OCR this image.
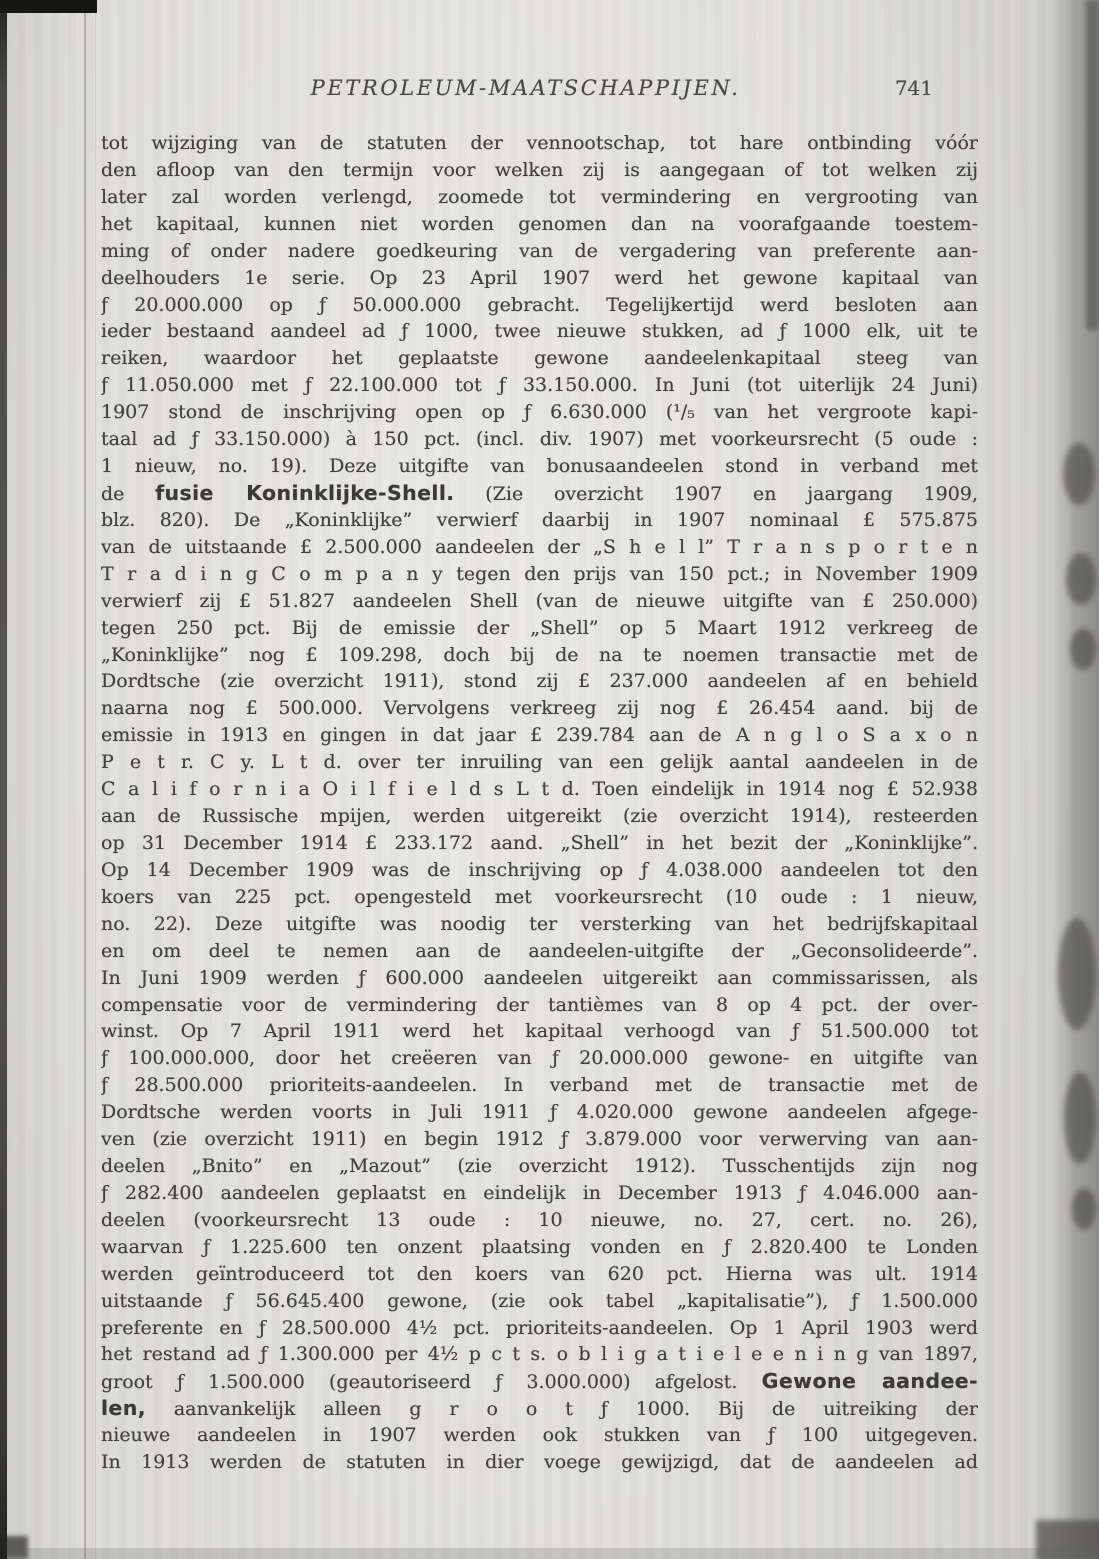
PETROLEUM-MAATSCHAPPIJEN.	741
tot wijziging van de statuten der vennootschap, tot hare ontbinding vóór
den afloop van den termijn voor welken zij is aangegaan of tot welken zij
later zal worden verlengd, zoomede tot vermindering en vergrooting van
het kapitaal, kunnen niet worden genomen dan na voorafgaande toestem-
ming of onder nadere goedkeuring van de vergadering van preferente aan-
deelhouders 1e serie. Op 23 April 1907 werd het gewone kapitaal van
ƒ 20.000.000 op ƒ 50.000.000 gebracht. Tegelijkertijd werd besloten aan
ieder bestaand aandeel ad ƒ 1000, twee nieuwe stukken, ad ƒ 1000 elk, uit te
reiken, waardoor het geplaatste gewone aandeelenkapitaal steeg van
ƒ 11.050.000 met ƒ 22.100.000 tot ƒ 33.150.000. In Juni (tot uiterlijk 24 Juni)
1907 stond de inschrijving open op ƒ 6.630.000 (¹/₅ van het vergroote kapi-
taal ad ƒ 33.150.000) à 150 pct. (incl. div. 1907) met voorkeursrecht (5 oude :
1 nieuw, no. 19). Deze uitgifte van bonusaandeelen stond in verband met
de fusie Koninklijke-Shell. (Zie overzicht 1907 en jaargang 1909,
blz. 820). De „Koninklijke” verwierf daarbij in 1907 nominaal £ 575.875
van de uitstaande £ 2.500.000 aandeelen der „S h e l l” T r a n s p o r t e n
T r a d i n g C o m p a n y tegen den prijs van 150 pct.; in November 1909
verwierf zij £ 51.827 aandeelen Shell (van de nieuwe uitgifte van £ 250.000)
tegen 250 pct. Bij de emissie der „Shell” op 5 Maart 1912 verkreeg de
„Koninklijke” nog £ 109.298, doch bij de na te noemen transactie met de
Dordtsche (zie overzicht 1911), stond zij £ 237.000 aandeelen af en behield
naarna nog £ 500.000. Vervolgens verkreeg zij nog £ 26.454 aand. bij de
emissie in 1913 en gingen in dat jaar £ 239.784 aan de A n g l o S a x o n
P e t r. C y. L t d. over ter inruiling van een gelijk aantal aandeelen in de
C a l i f o r n i a O i l f i e l d s L t d. Toen eindelijk in 1914 nog £ 52.938
aan de Russische mpijen, werden uitgereikt (zie overzicht 1914), resteerden
op 31 December 1914 £ 233.172 aand. „Shell” in het bezit der „Koninklijke”.
Op 14 December 1909 was de inschrijving op ƒ 4.038.000 aandeelen tot den
koers van 225 pct. opengesteld met voorkeursrecht (10 oude : 1 nieuw,
no. 22). Deze uitgifte was noodig ter versterking van het bedrijfskapitaal
en om deel te nemen aan de aandeelen-uitgifte der „Geconsolideerde”.
In Juni 1909 werden ƒ 600.000 aandeelen uitgereikt aan commissarissen, als
compensatie voor de vermindering der tantièmes van 8 op 4 pct. der over-
winst. Op 7 April 1911 werd het kapitaal verhoogd van ƒ 51.500.000 tot
ƒ 100.000.000, door het creëeren van ƒ 20.000.000 gewone- en uitgifte van
ƒ 28.500.000 prioriteits-aandeelen. In verband met de transactie met de
Dordtsche werden voorts in Juli 1911 ƒ 4.020.000 gewone aandeelen afgege-
ven (zie overzicht 1911) en begin 1912 ƒ 3.879.000 voor verwerving van aan-
deelen „Bnito” en „Mazout” (zie overzicht 1912). Tusschentijds zijn nog
ƒ 282.400 aandeelen geplaatst en eindelijk in December 1913 ƒ 4.046.000 aan-
deelen (voorkeursrecht 13 oude : 10 nieuwe, no. 27, cert. no. 26),
waarvan ƒ 1.225.600 ten onzent plaatsing vonden en ƒ 2.820.400 te Londen
werden geïntroduceerd tot den koers van 620 pct. Hierna was ult. 1914
uitstaande ƒ 56.645.400 gewone, (zie ook tabel „kapitalisatie”), ƒ 1.500.000
preferente en ƒ 28.500.000 4½ pct. prioriteits-aandeelen. Op 1 April 1903 werd
het restand ad ƒ 1.300.000 per 4½ p c t s. o b l i g a t i e l e e n i n g van 1897,
groot ƒ 1.500.000 (geautoriseerd ƒ 3.000.000) afgelost. Gewone aandee-
len, aanvankelijk alleen g r o o t ƒ 1000. Bij de uitreiking der
nieuwe aandeelen in 1907 werden ook stukken van ƒ 100 uitgegeven.
In 1913 werden de statuten in dier voege gewijzigd, dat de aandeelen ad
